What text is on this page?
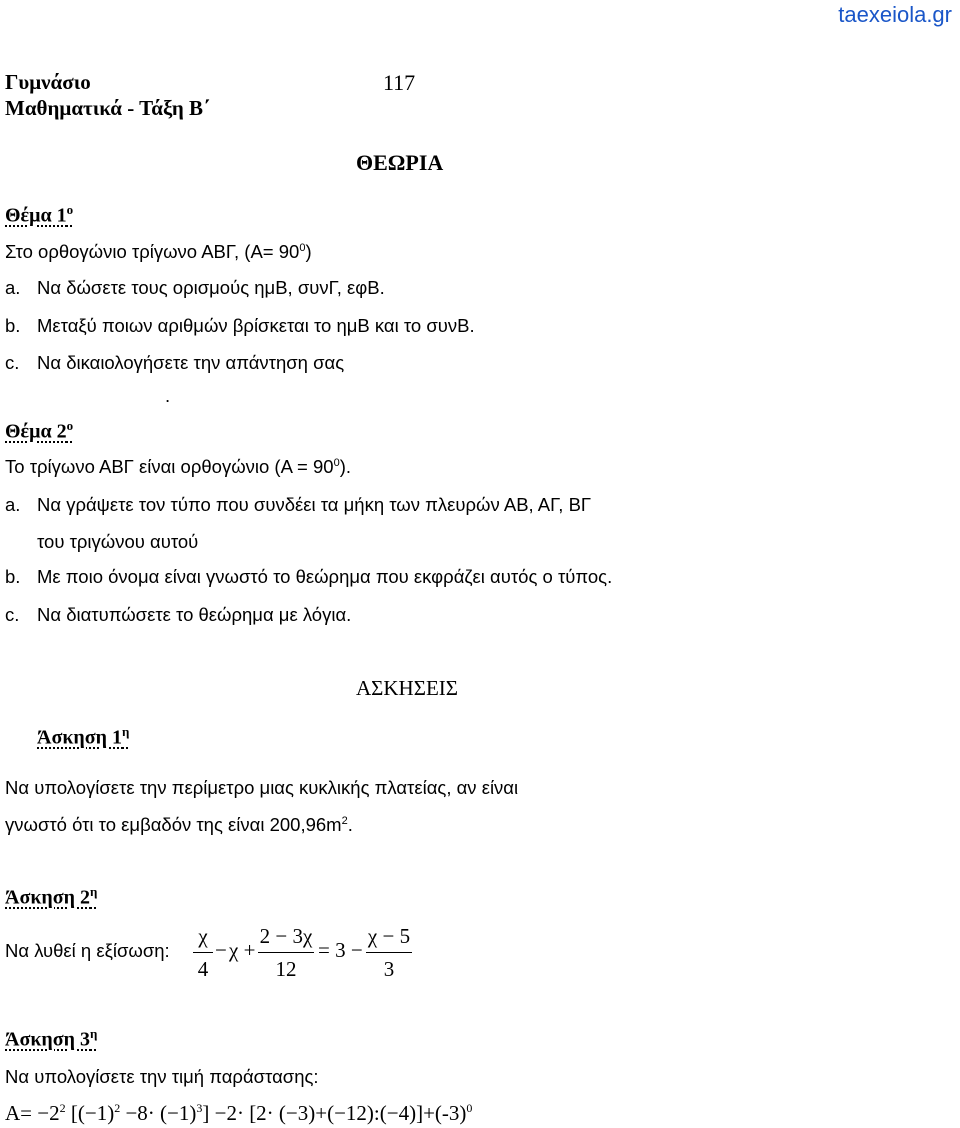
taexeiola.gr
Γυμνάσιο
Μαθηματικά - Τάξη Β΄
117
ΘΕΩΡΙΑ
Θέμα $1^o$
Στο ορθογώνιο τρίγωνο ΑΒΓ, $(A= 90^0)$
a. Να δώσετε τους ορισμούς ημΒ, συνΓ, εφΒ.
b. Μεταξύ ποιων αριθμών βρίσκεται το ημΒ και το συνΒ.
c. Να δικαιολογήσετε την απάντηση σας
.
Θέμα $2^o$
Το τρίγωνο ΑΒΓ είναι ορθογώνιο $(A = 90^0)$.
a. Να γράψετε τον τύπο που συνδέει τα μήκη των πλευρών ΑΒ, ΑΓ, ΒΓ
του τριγώνου αυτού
b. Με ποιο όνομα είναι γνωστό το θεώρημα που εκφράζει αυτός ο τύπος.
c. Να διατυπώσετε το θεώρημα με λόγια.
ΑΣΚΗΣΕΙΣ
Άσκηση $1^\eta$
Να υπολογίσετε την περίμετρο μιας κυκλικής πλατείας, αν είναι
γνωστό ότι το εμβαδόν της είναι $200,96m^2$.
Άσκηση $2^\eta$
Να λυθεί η εξίσωση:
χ
4
− χ +
2 − 3χ
12
= 3 −
χ − 5
3
Άσκηση $3^\eta$
Να υπολογίσετε την τιμή παράστασης:
$A= -2^2$ $[(-1)^2 -8\cdot (-1)^3] -2\cdot [2\cdot$ $(-3)+(-12):(-4)]+(-3)^0$
